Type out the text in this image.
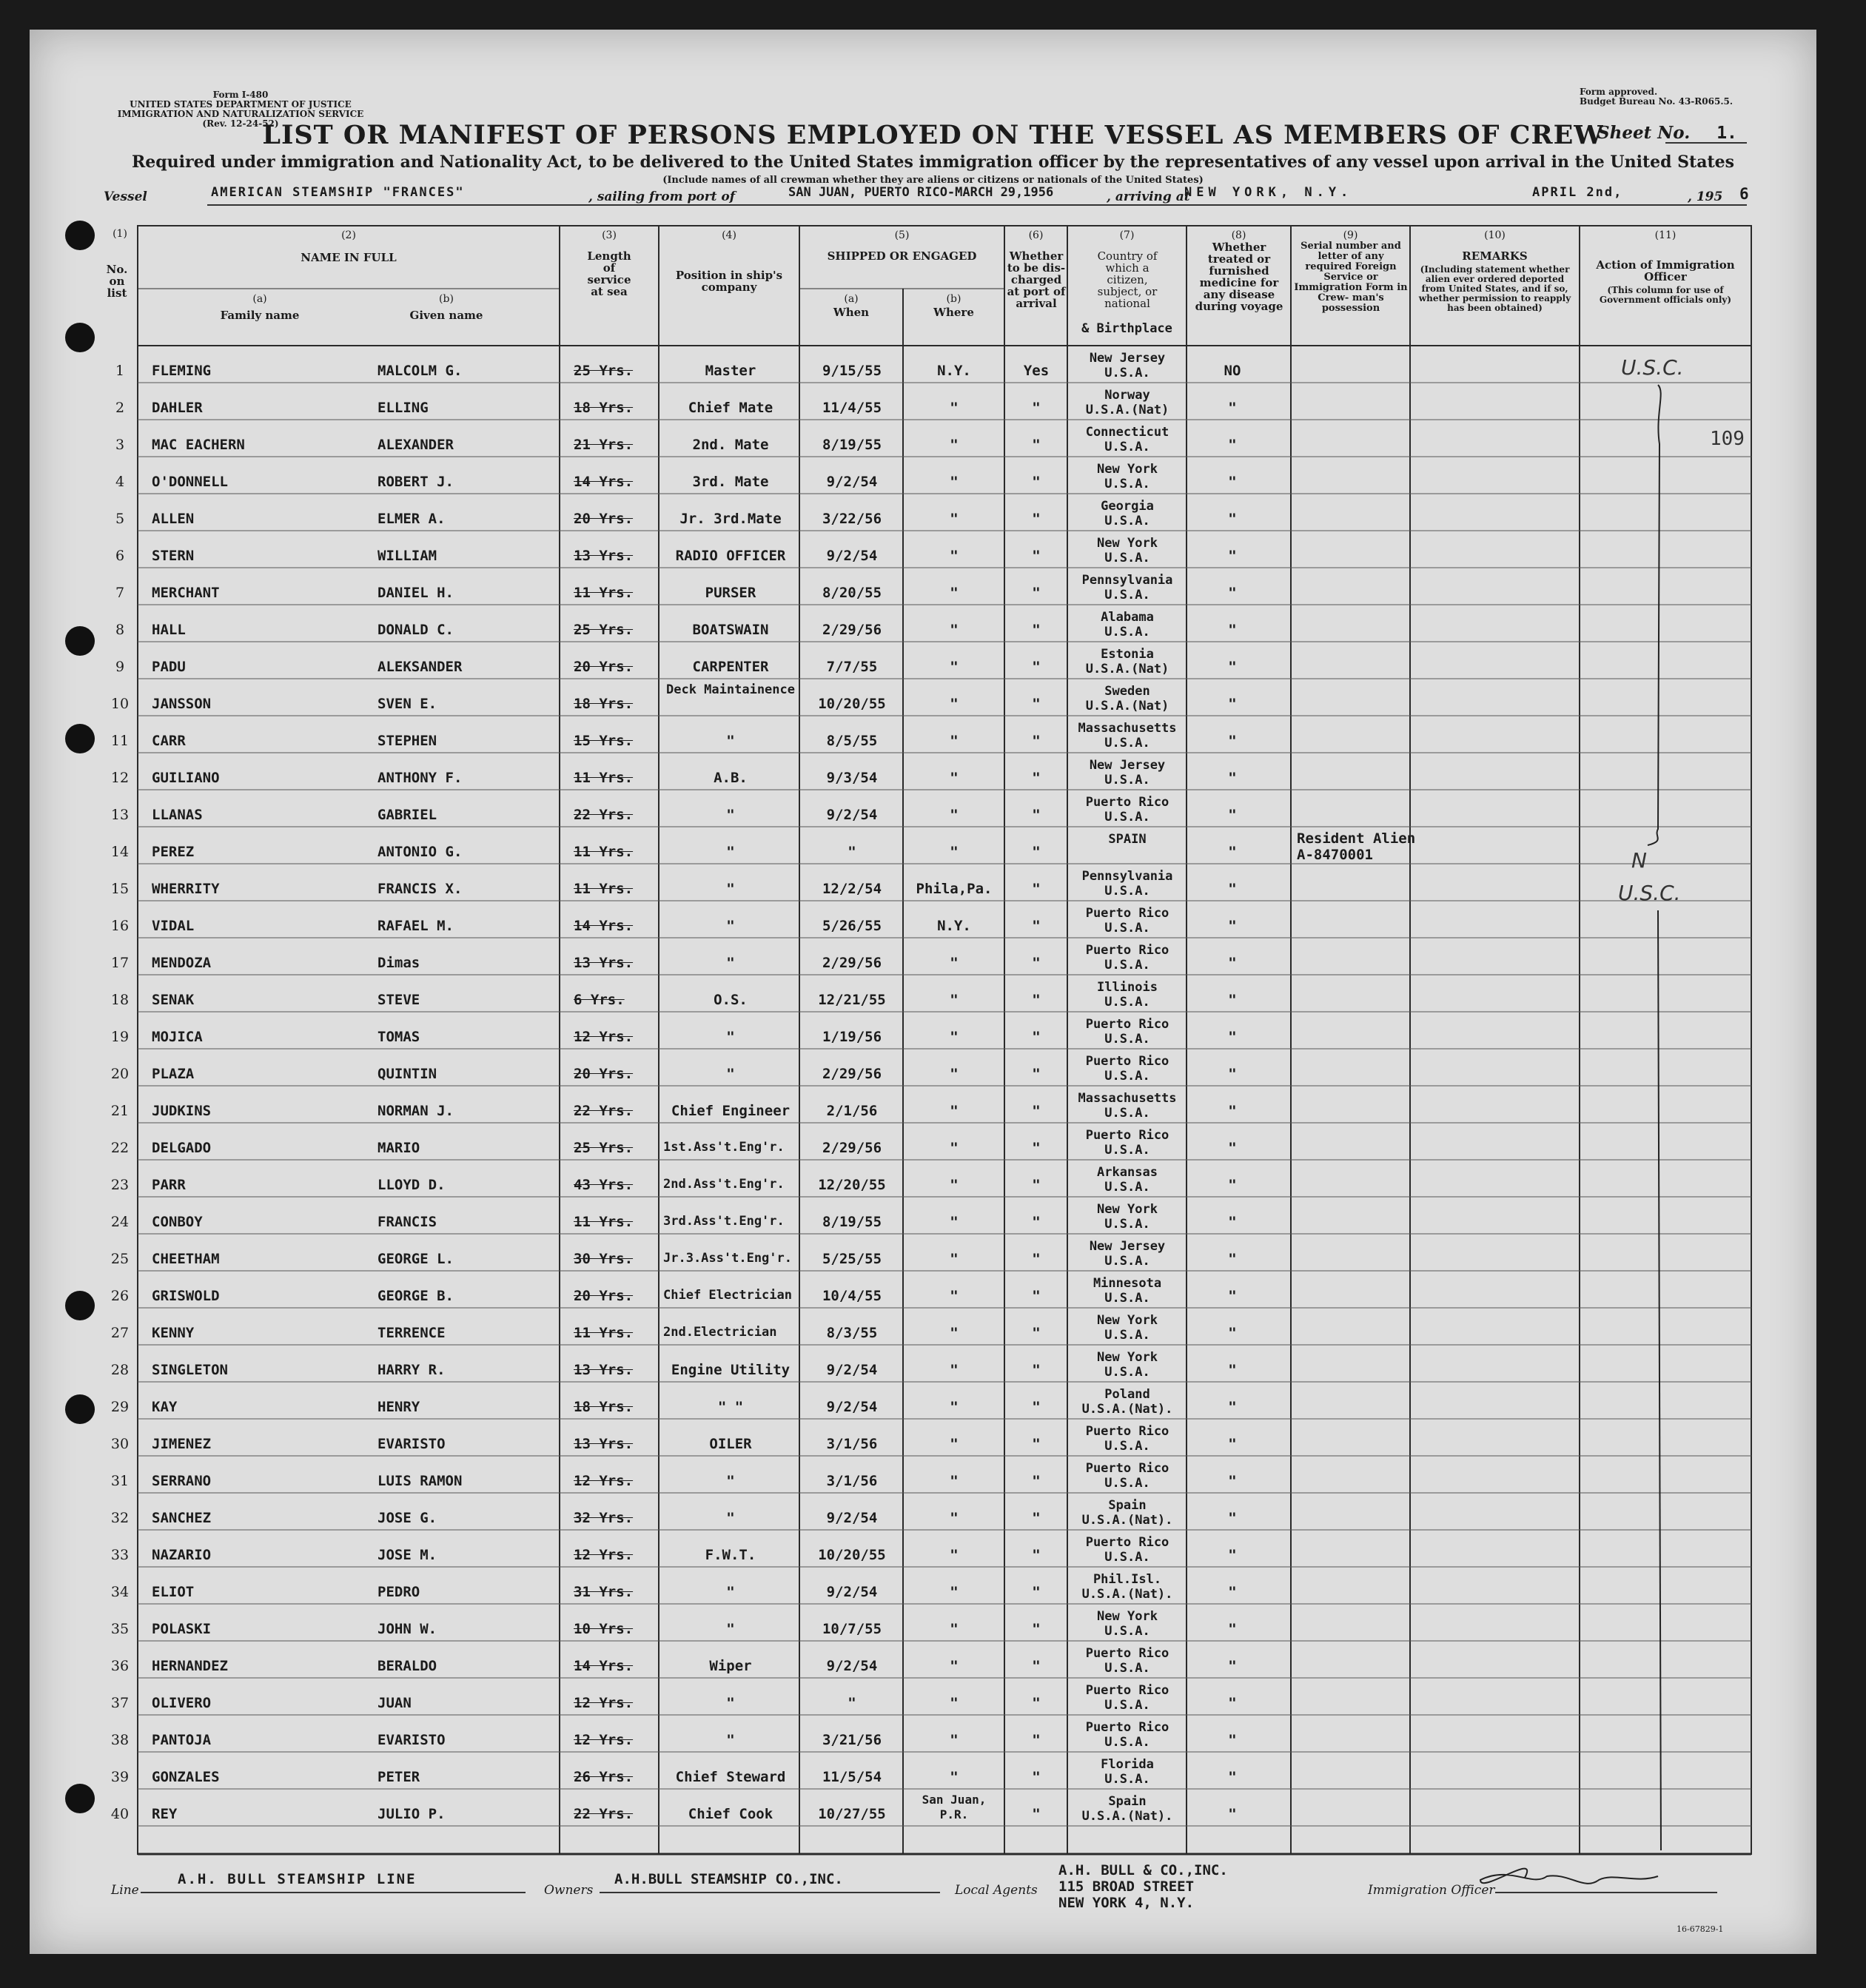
Form I-480
UNITED STATES DEPARTMENT OF JUSTICE
IMMIGRATION AND NATURALIZATION SERVICE
(Rev. 12-24-52)
Form approved.
Budget Bureau No. 43-R065.5.
LIST OR MANIFEST OF PERSONS EMPLOYED ON THE VESSEL AS MEMBERS OF CREW
Sheet No. 1.
Required under immigration and Nationality Act, to be delivered to the United States immigration officer by the representatives of any vessel upon arrival in the United States
(Include names of all crewman whether they are aliens or citizens or nationals of the United States)
Vessel	AMERICAN STEAMSHIP "FRANCES"	, sailing from port of	SAN JUAN, PUERTO RICO-MARCH 29,1956	, arriving at
NEW YORK, N.Y.	APRIL 2nd,	, 195 6
(1)
No. on list
(2)
NAME IN FULL
(a)
Family name
(b)
Given name
(3)
Length of service at sea
(4)
Position in ship's company
(5)
SHIPPED OR ENGAGED
(a)
When
(b)
Where
(6)
Whether to be dis- charged at port of arrival
(7)
Country of which a citizen, subject, or national
& Birthplace
(8)
Whether treated or furnished medicine for any disease during voyage
(9)
Serial number and letter of any required Foreign Service or Immigration Form in Crew- man's possession
(10)
REMARKS
(Including statement whether alien ever ordered deported from United States, and if so, whether permission to reapply has been obtained)
(11)
Action of Immigration Officer
(This column for use of Government officials only)
1	FLEMING	MALCOLM G.	25 Yrs.	Master	9/15/55	N.Y.	Yes	NO
New Jersey
U.S.A.
2	DAHLER	ELLING	18 Yrs.	Chief Mate	11/4/55	"	"	"
Norway
U.S.A.(Nat)
3	MAC EACHERN	ALEXANDER	21 Yrs.	2nd. Mate	8/19/55	"	"	"
Connecticut
U.S.A.
4	O'DONNELL	ROBERT J.	14 Yrs.	3rd. Mate	9/2/54	"	"	"
New York
U.S.A.
5	ALLEN	ELMER A.	20 Yrs.	Jr. 3rd.Mate	3/22/56	"	"	"
Georgia
U.S.A.
6	STERN	WILLIAM	13 Yrs.	RADIO OFFICER	9/2/54	"	"	"
New York
U.S.A.
7	MERCHANT	DANIEL H.	11 Yrs.	PURSER	8/20/55	"	"	"
Pennsylvania
U.S.A.
8	HALL	DONALD C.	25 Yrs.	BOATSWAIN	2/29/56	"	"	"
Alabama
U.S.A.
9	PADU	ALEKSANDER	20 Yrs.	CARPENTER	7/7/55	"	"	"
Estonia
U.S.A.(Nat)
10	JANSSON	SVEN E.	18 Yrs.
Deck Maintainence
10/20/55	"	"	"
Sweden
U.S.A.(Nat)
11	CARR	STEPHEN	15 Yrs.	"	8/5/55	"	"	"
Massachusetts
U.S.A.
12	GUILIANO	ANTHONY F.	11 Yrs.	A.B.	9/3/54	"	"	"
New Jersey
U.S.A.
13	LLANAS	GABRIEL	22 Yrs.	"	9/2/54	"	"	"
Puerto Rico
U.S.A.
14	PEREZ	ANTONIO G.	11 Yrs.	"	"	"	"	"
SPAIN	Resident Alien
A-8470001
15	WHERRITY	FRANCIS X.	11 Yrs.	"	12/2/54	Phila,Pa.	"	"
Pennsylvania
U.S.A.
16	VIDAL	RAFAEL M.	14 Yrs.	"	5/26/55	N.Y.	"	"
Puerto Rico
U.S.A.
17	MENDOZA	Dimas	13 Yrs.	"	2/29/56	"	"	"
Puerto Rico
U.S.A.
18	SENAK	STEVE	6 Yrs.	O.S.	12/21/55	"	"	"
Illinois
U.S.A.
19	MOJICA	TOMAS	12 Yrs.	"	1/19/56	"	"	"
Puerto Rico
U.S.A.
20	PLAZA	QUINTIN	20 Yrs.	"	2/29/56	"	"	"
Puerto Rico
U.S.A.
21	JUDKINS	NORMAN J.	22 Yrs.	Chief Engineer	2/1/56	"	"	"
Massachusetts
U.S.A.
22	DELGADO	MARIO	25 Yrs.	1st.Ass't.Eng'r.	2/29/56	"	"	"
Puerto Rico
U.S.A.
23	PARR	LLOYD D.	43 Yrs.	2nd.Ass't.Eng'r.	12/20/55	"	"	"
Arkansas
U.S.A.
24	CONBOY	FRANCIS	11 Yrs.	3rd.Ass't.Eng'r.	8/19/55	"	"	"
New York
U.S.A.
25	CHEETHAM	GEORGE L.	30 Yrs.	Jr.3.Ass't.Eng'r.	5/25/55	"	"	"
New Jersey
U.S.A.
26	GRISWOLD	GEORGE B.	20 Yrs.	Chief Electrician	10/4/55	"	"	"
Minnesota
U.S.A.
27	KENNY	TERRENCE	11 Yrs.	2nd.Electrician	8/3/55	"	"	"
New York
U.S.A.
28	SINGLETON	HARRY R.	13 Yrs.	Engine Utility	9/2/54	"	"	"
New York
U.S.A.
29	KAY	HENRY	18 Yrs.	" "	9/2/54	"	"	"
Poland
U.S.A.(Nat).
30	JIMENEZ	EVARISTO	13 Yrs.	OILER	3/1/56	"	"	"
Puerto Rico
U.S.A.
31	SERRANO	LUIS RAMON	12 Yrs.	"	3/1/56	"	"	"
Puerto Rico
U.S.A.
32	SANCHEZ	JOSE G.	32 Yrs.	"	9/2/54	"	"	"
Spain
U.S.A.(Nat).
33	NAZARIO	JOSE M.	12 Yrs.	F.W.T.	10/20/55	"	"	"
Puerto Rico
U.S.A.
34	ELIOT	PEDRO	31 Yrs.	"	9/2/54	"	"	"
Phil.Isl.
U.S.A.(Nat).
35	POLASKI	JOHN W.	10 Yrs.	"	10/7/55	"	"	"
New York
U.S.A.
36	HERNANDEZ	BERALDO	14 Yrs.	Wiper	9/2/54	"	"	"
Puerto Rico
U.S.A.
37	OLIVERO	JUAN	12 Yrs.	"	"	"	"	"
Puerto Rico
U.S.A.
38	PANTOJA	EVARISTO	12 Yrs.	"	3/21/56	"	"	"
Puerto Rico
U.S.A.
39	GONZALES	PETER	26 Yrs.	Chief Steward	11/5/54	"	"	"
Florida
U.S.A.
40	REY	JULIO P.	22 Yrs.	Chief Cook	10/27/55
San Juan, P.R.	"	"
Spain
U.S.A.(Nat).
U.S.C.
109
N
U.S.C.
Line
A.H. BULL STEAMSHIP LINE
Owners
A.H.BULL STEAMSHIP CO.,INC.
Local Agents
A.H. BULL & CO.,INC.
115 BROAD STREET
NEW YORK 4, N.Y.
Immigration Officer
16-67829-1
